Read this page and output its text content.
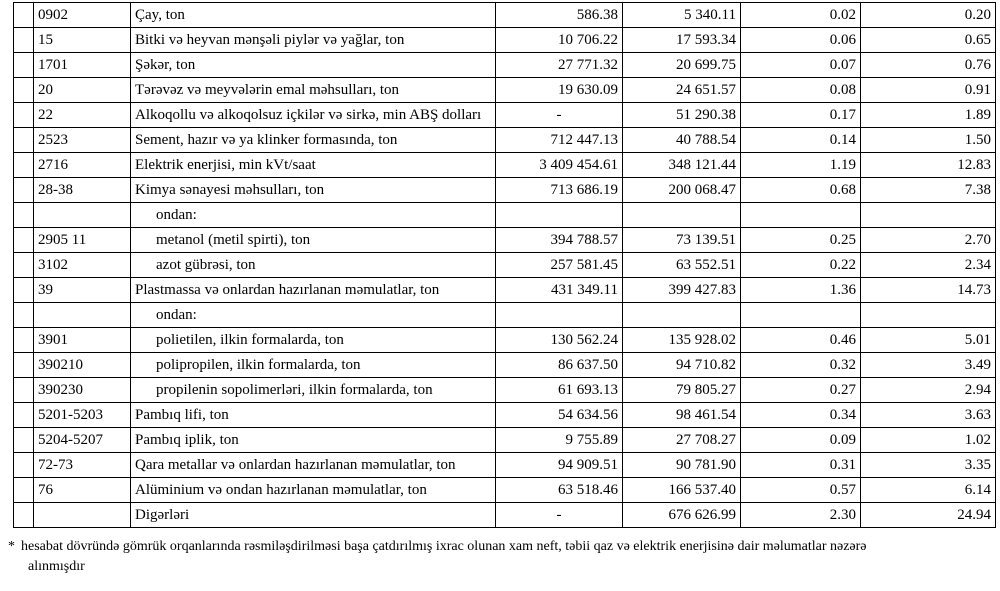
	0902	Çay, ton	586.38	5 340.11	0.02	0.20
	15	Bitki və heyvan mənşəli piylər və yağlar, ton	10 706.22	17 593.34	0.06	0.65
	1701	Şəkər, ton	27 771.32	20 699.75	0.07	0.76
	20	Tərəvəz və meyvələrin emal məhsulları, ton	19 630.09	24 651.57	0.08	0.91
	22	Alkoqollu və alkoqolsuz içkilər və sirkə, min ABŞ dolları	-	51 290.38	0.17	1.89
	2523	Sement, hazır və ya klinker formasında, ton	712 447.13	40 788.54	0.14	1.50
	2716	Elektrik enerjisi, min kVt/saat	3 409 454.61	348 121.44	1.19	12.83
	28-38	Kimya sənayesi məhsulları, ton	713 686.19	200 068.47	0.68	7.38
		ondan:				
	2905 11	metanol (metil spirti), ton	394 788.57	73 139.51	0.25	2.70
	3102	azot gübrəsi, ton	257 581.45	63 552.51	0.22	2.34
	39	Plastmassa və onlardan hazırlanan məmulatlar, ton	431 349.11	399 427.83	1.36	14.73
		ondan:				
	3901	polietilen, ilkin formalarda, ton	130 562.24	135 928.02	0.46	5.01
	390210	polipropilen, ilkin formalarda, ton	86 637.50	94 710.82	0.32	3.49
	390230	propilenin sopolimerləri, ilkin formalarda, ton	61 693.13	79 805.27	0.27	2.94
	5201-5203	Pambıq lifi, ton	54 634.56	98 461.54	0.34	3.63
	5204-5207	Pambıq iplik, ton	9 755.89	27 708.27	0.09	1.02
	72-73	Qara metallar və onlardan hazırlanan məmulatlar, ton	94 909.51	90 781.90	0.31	3.35
	76	Alüminium və ondan hazırlanan məmulatlar, ton	63 518.46	166 537.40	0.57	6.14
		Digərləri	-	676 626.99	2.30	24.94
* hesabat dövründə gömrük orqanlarında rəsmiləşdirilməsi başa çatdırılmış ixrac olunan xam neft, təbii qaz və elektrik enerjisinə dair məlumatlar nəzərə
alınmışdır
